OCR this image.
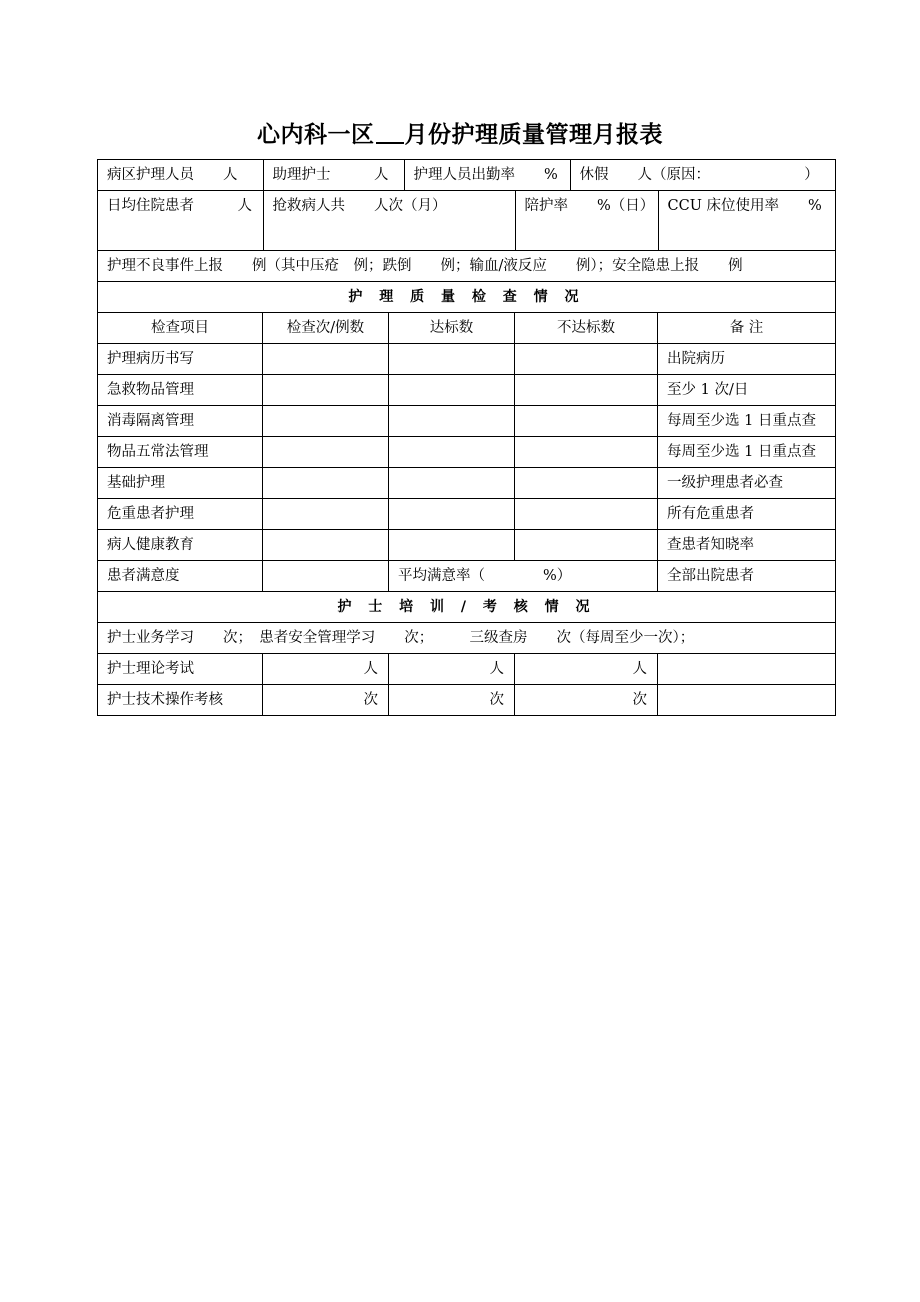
心内科一区 月份护理质量管理月报表
病区护理人员　　人	助理护士　　　人	护理人员出勤率　　%	休假　　人（原因：　　　　　　　）

日均住院患者　　　人	抢救病人共　　人次（月）	陪护率　　%（日）	CCU 床位使用率　　%

护理不良事件上报　　例（其中压疮　例；跌倒　　例；输血/液反应　　例）；安全隐患上报　　例
护 理 质 量 检 查 情 况
检查项目	检查次/例数	达标数	不达标数	备 注
护理病历书写				出院病历
急救物品管理				至少 1 次/日
消毒隔离管理				每周至少选 1 日重点查
物品五常法管理				每周至少选 1 日重点查
基础护理				一级护理患者必查
危重患者护理				所有危重患者
病人健康教育				查患者知晓率
患者满意度		平均满意率（　　　　%）	全部出院患者
护 士 培 训 / 考 核 情 况
护士业务学习　　次；　患者安全管理学习　　次；　　　三级查房　　次（每周至少一次）；
护士理论考试	人	人	人	
护士技术操作考核	次	次	次	
